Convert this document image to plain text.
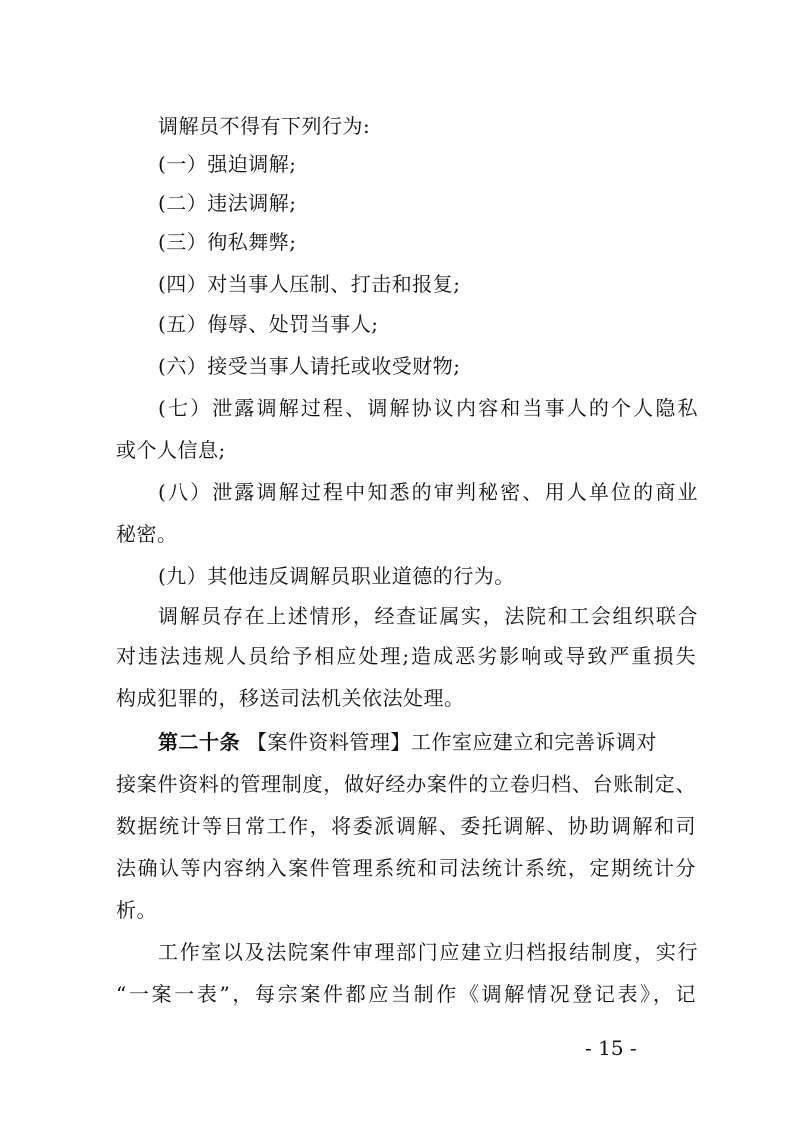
调解员不得有下列行为:
(一）强迫调解;
(二）违法调解;
(三）徇私舞弊;
(四）对当事人压制、打击和报复;
(五）侮辱、处罚当事人;
(六）接受当事人请托或收受财物;
(七）泄露调解过程、调解协议内容和当事人的个人隐私
或个人信息;
(八）泄露调解过程中知悉的审判秘密、用人单位的商业
秘密。
(九）其他违反调解员职业道德的行为。
调解员存在上述情形，经查证属实，法院和工会组织联合
对违法违规人员给予相应处理;造成恶劣影响或导致严重损失
构成犯罪的，移送司法机关依法处理。
第二十条 【案件资料管理】工作室应建立和完善诉调对
接案件资料的管理制度，做好经办案件的立卷归档、台账制定、
数据统计等日常工作，将委派调解、委托调解、协助调解和司
法确认等内容纳入案件管理系统和司法统计系统，定期统计分
析。
工作室以及法院案件审理部门应建立归档报结制度，实行
“一案一表”，每宗案件都应当制作《调解情况登记表》，记
- 15 -
